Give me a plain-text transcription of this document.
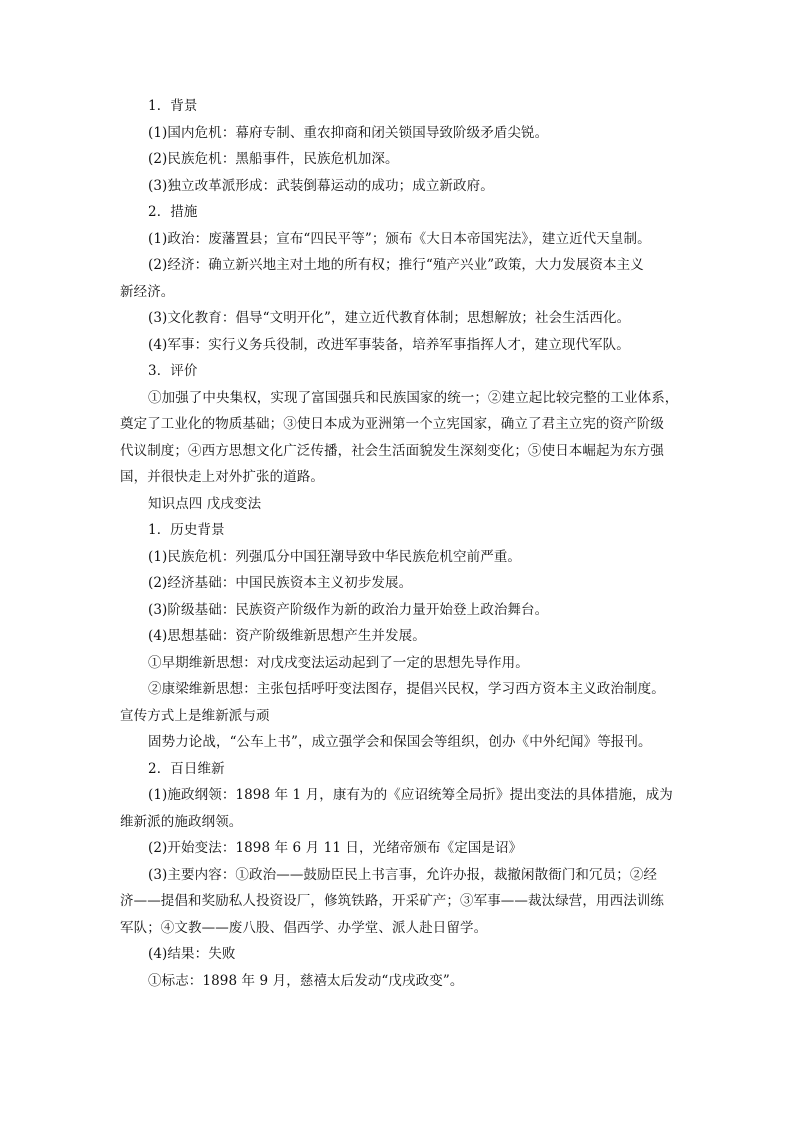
1．背景
(1)国内危机：幕府专制、重农抑商和闭关锁国导致阶级矛盾尖锐。
(2)民族危机：黑船事件，民族危机加深。
(3)独立改革派形成：武装倒幕运动的成功；成立新政府。
2．措施
(1)政治：废藩置县；宣布“四民平等”；颁布《大日本帝国宪法》，建立近代天皇制。
(2)经济：确立新兴地主对土地的所有权；推行“殖产兴业”政策，大力发展资本主义
新经济。
(3)文化教育：倡导“文明开化”，建立近代教育体制；思想解放；社会生活西化。
(4)军事：实行义务兵役制，改进军事装备，培养军事指挥人才，建立现代军队。
3．评价
①加强了中央集权，实现了富国强兵和民族国家的统一；②建立起比较完整的工业体系，
奠定了工业化的物质基础；③使日本成为亚洲第一个立宪国家，确立了君主立宪的资产阶级
代议制度；④西方思想文化广泛传播，社会生活面貌发生深刻变化；⑤使日本崛起为东方强
国，并很快走上对外扩张的道路。
知识点四 戊戌变法
1．历史背景
(1)民族危机：列强瓜分中国狂潮导致中华民族危机空前严重。
(2)经济基础：中国民族资本主义初步发展。
(3)阶级基础：民族资产阶级作为新的政治力量开始登上政治舞台。
(4)思想基础：资产阶级维新思想产生并发展。
①早期维新思想：对戊戌变法运动起到了一定的思想先导作用。
②康梁维新思想：主张包括呼吁变法图存，提倡兴民权，学习西方资本主义政治制度。
宣传方式上是维新派与顽
固势力论战，“公车上书”，成立强学会和保国会等组织，创办《中外纪闻》等报刊。
2．百日维新
(1)施政纲领：1898 年 1 月，康有为的《应诏统筹全局折》提出变法的具体措施，成为
维新派的施政纲领。
(2)开始变法：1898 年 6 月 11 日，光绪帝颁布《定国是诏》
(3)主要内容：①政治——鼓励臣民上书言事，允许办报，裁撤闲散衙门和冗员；②经
济——提倡和奖励私人投资设厂，修筑铁路，开采矿产；③军事——裁汰绿营，用西法训练
军队；④文教——废八股、倡西学、办学堂、派人赴日留学。
(4)结果：失败
①标志：1898 年 9 月，慈禧太后发动“戊戌政变”。
